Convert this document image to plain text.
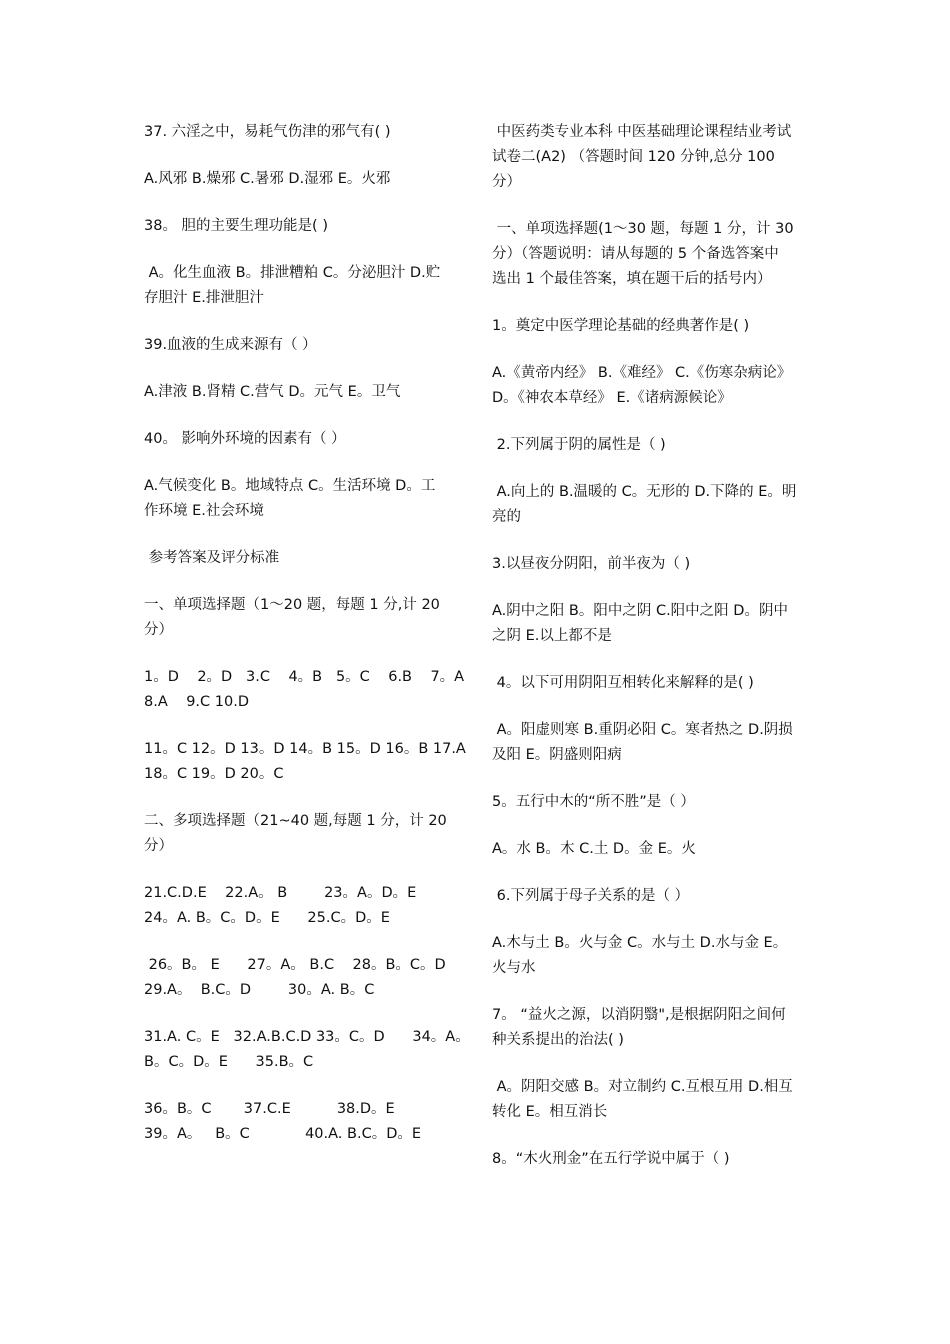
37. 六淫之中，易耗气伤津的邪气有( )
A.风邪 B.燥邪 C.暑邪 D.湿邪 E。火邪
38。 胆的主要生理功能是( )
A。化生血液 B。排泄糟粕 C。分泌胆汁 D.贮
存胆汁 E.排泄胆汁
39.血液的生成来源有（ ）
A.津液 B.肾精 C.营气 D。元气 E。卫气
40。 影响外环境的因素有（ ）
A.气候变化 B。地域特点 C。生活环境 D。工
作环境 E.社会环境
参考答案及评分标准
一、单项选择题（1～20 题，每题 1 分,计 20
分）
1。D    2。D   3.C    4。B   5。C    6.B    7。A
8.A    9.C 10.D
11。C 12。D 13。D 14。B 15。D 16。B 17.A
18。C 19。D 20。C
二、多项选择题（21~40 题,每题 1 分，计 20
分）
21.C.D.E    22.A。 B        23。A。D。E
24。A. B。C。D。E      25.C。D。E
26。B。 E      27。A。 B.C    28。B。C。D
29.A。  B.C。D        30。A. B。C
31.A. C。E   32.A.B.C.D 33。C。D      34。A。
B。C。D。E      35.B。C
36。B。C       37.C.E          38.D。E
39。A。   B。C            40.A. B.C。D。E
中医药类专业本科 中医基础理论课程结业考试
试卷二(A2) （答题时间 120 分钟,总分 100
分）
一、单项选择题(1～30 题，每题 1 分，计 30
分）（答题说明：请从每题的 5 个备选答案中
选出 1 个最佳答案，填在题干后的括号内）
1。奠定中医学理论基础的经典著作是( )
A.《黄帝内经》 B.《难经》 C.《伤寒杂病论》
D。《神农本草经》 E.《诸病源候论》
2.下列属于阴的属性是（ )
A.向上的 B.温暖的 C。无形的 D.下降的 E。明
亮的
3.以昼夜分阴阳，前半夜为（ )
A.阴中之阳 B。阳中之阴 C.阳中之阳 D。阴中
之阴 E.以上都不是
4。以下可用阴阳互相转化来解释的是( )
A。阳虚则寒 B.重阴必阳 C。寒者热之 D.阴损
及阳 E。阴盛则阳病
5。五行中木的“所不胜”是（ ）
A。水 B。木 C.土 D。金 E。火
6.下列属于母子关系的是（ ）
A.木与土 B。火与金 C。水与土 D.水与金 E。
火与水
7。 “益火之源，以消阴翳",是根据阴阳之间何
种关系提出的治法( )
A。阴阳交感 B。对立制约 C.互根互用 D.相互
转化 E。相互消长
8。“木火刑金”在五行学说中属于（ )
